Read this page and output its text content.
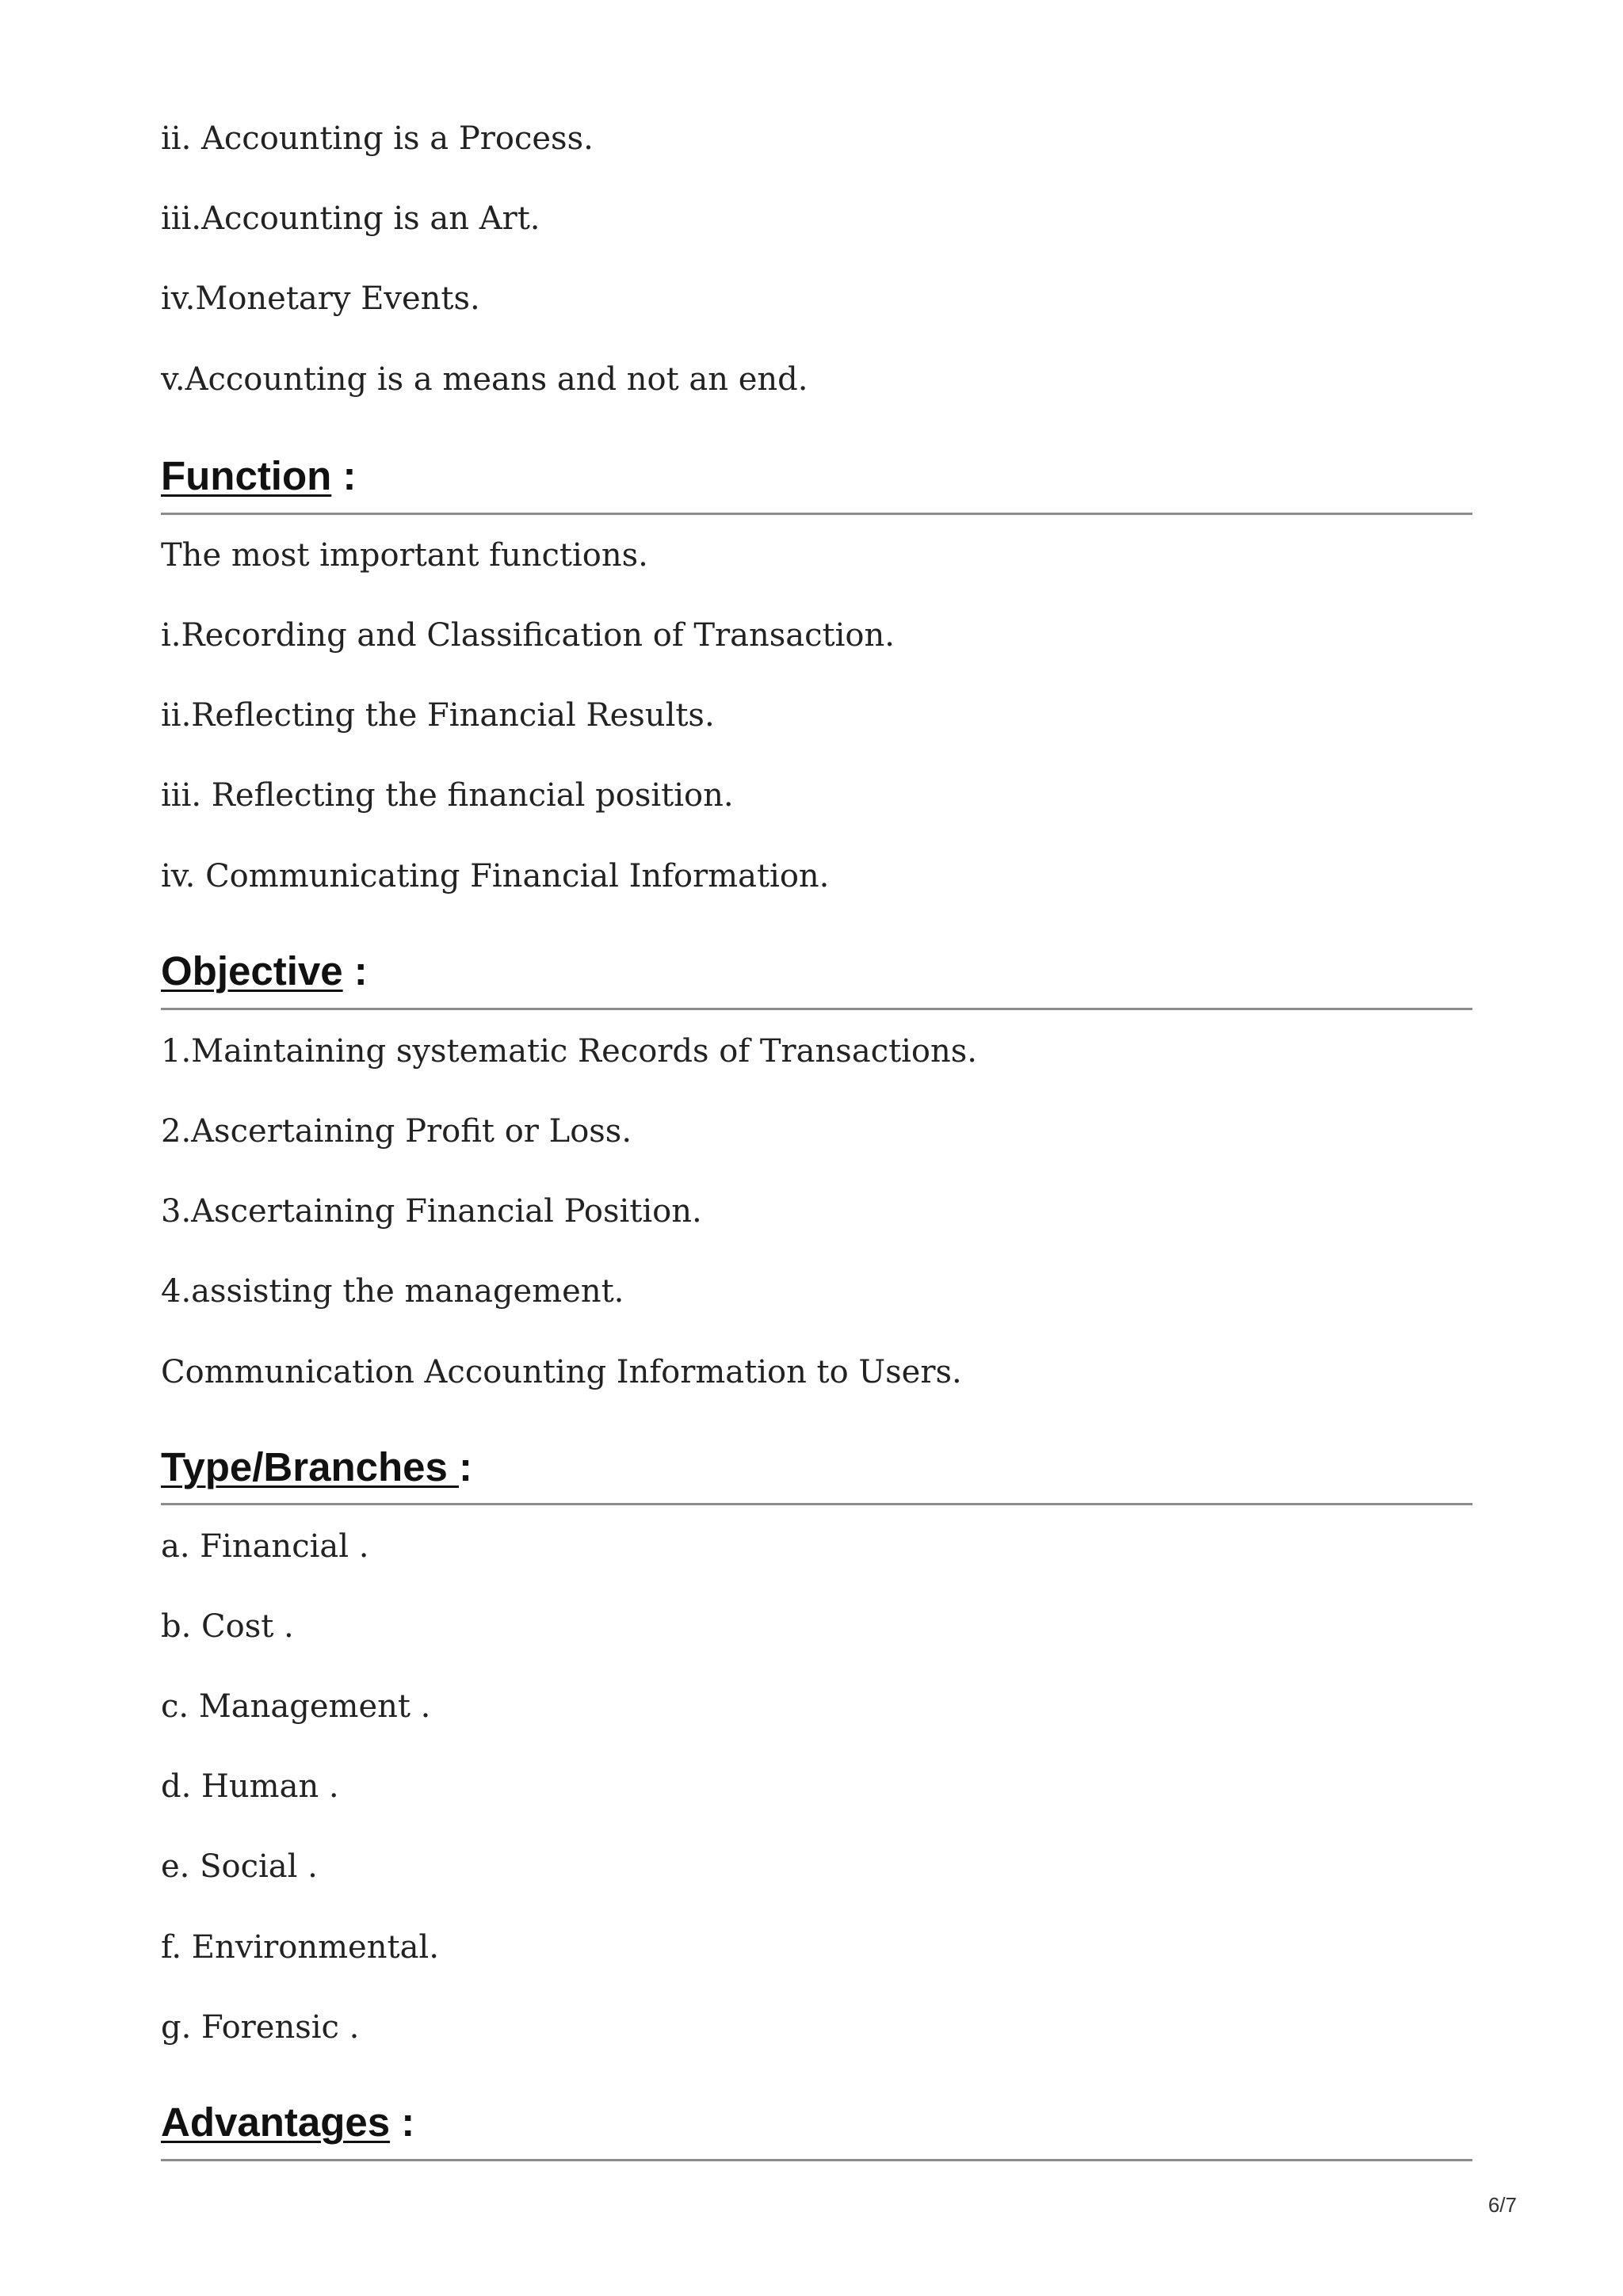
ii. Accounting is a Process.
iii.Accounting is an Art.
iv.Monetary Events.
v.Accounting is a means and not an end.
Function :
The most important functions.
i.Recording and Classification of Transaction.
ii.Reflecting the Financial Results.
iii. Reflecting the financial position.
iv. Communicating Financial Information.
Objective :
1.Maintaining systematic Records of Transactions.
2.Ascertaining Profit or Loss.
3.Ascertaining Financial Position.
4.assisting the management.
Communication Accounting Information to Users.
Type/Branches :
a. Financial .
b. Cost .
c. Management .
d. Human .
e. Social .
f. Environmental.
g. Forensic .
Advantages :
6/7
